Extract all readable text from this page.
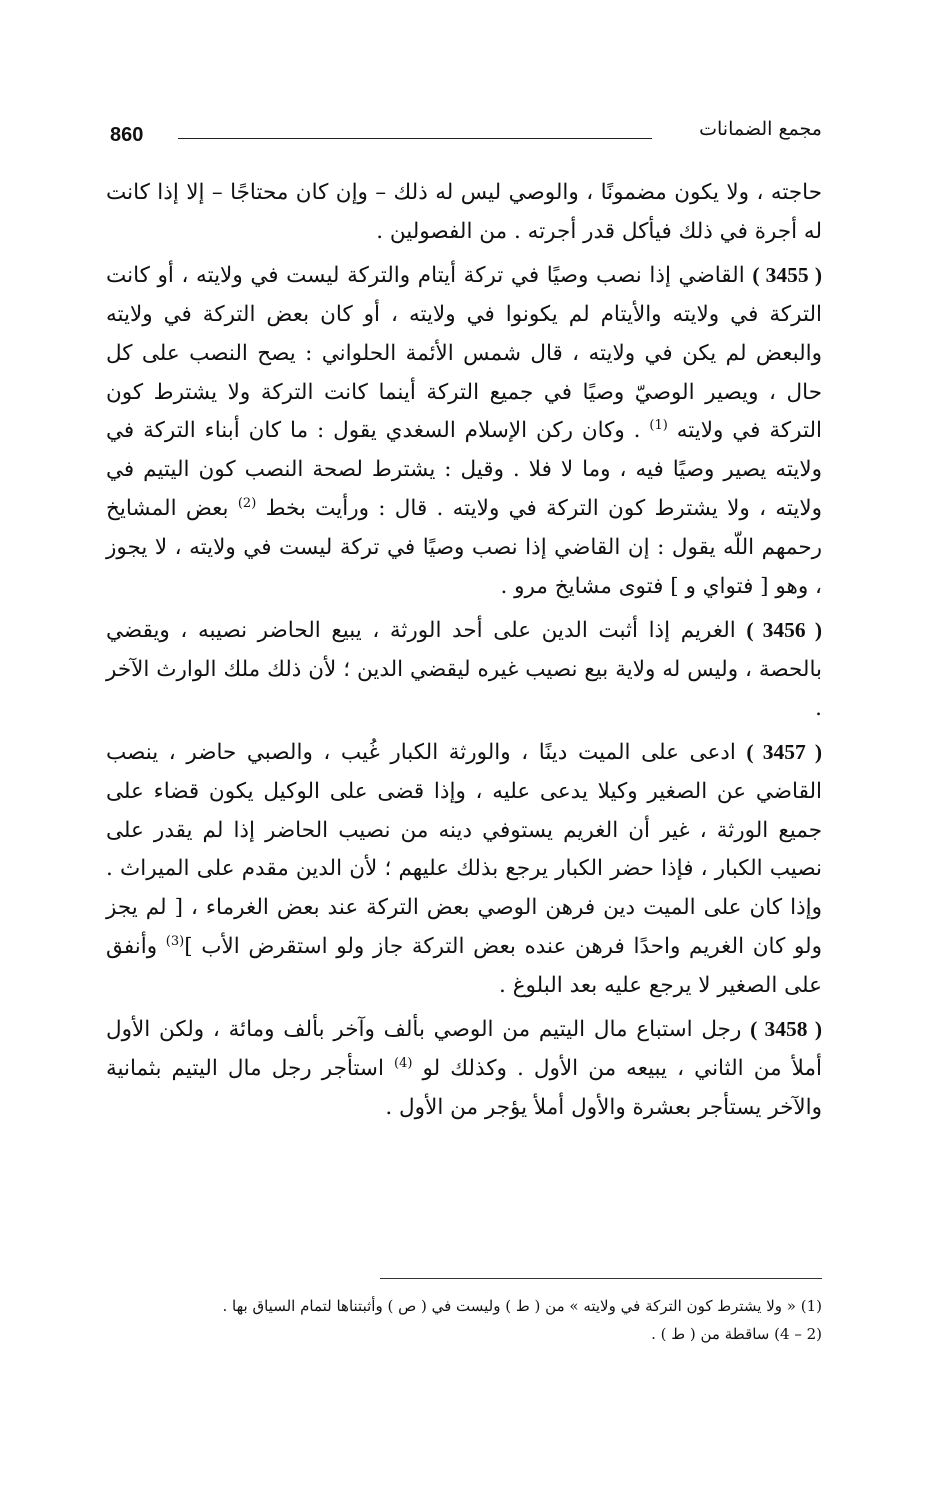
860	مجمع الضمانات

حاجته ، ولا يكون مضمونًا ، والوصي ليس له ذلك – وإن كان محتاجًا – إلا إذا كانت له أجرة في ذلك فيأكل قدر أجرته . من الفصولين .

( 3455 ) القاضي إذا نصب وصيًا في تركة أيتام والتركة ليست في ولايته ، أو كانت التركة في ولايته والأيتام لم يكونوا في ولايته ، أو كان بعض التركة في ولايته والبعض لم يكن في ولايته ، قال شمس الأئمة الحلواني : يصح النصب على كل حال ، ويصير الوصيّ وصيًا في جميع التركة أينما كانت التركة ولا يشترط كون التركة في ولايته $^{(1)}$ . وكان ركن الإسلام السغدي يقول : ما كان أبناء التركة في ولايته يصير وصيًا فيه ، وما لا فلا . وقيل : يشترط لصحة النصب كون اليتيم في ولايته ، ولا يشترط كون التركة في ولايته . قال : ورأيت بخط $^{(2)}$ بعض المشايخ رحمهم اللّه يقول : إن القاضي إذا نصب وصيًا في تركة ليست في ولايته ، لا يجوز ، وهو [ فتواي و ] فتوى مشايخ مرو .

( 3456 ) الغريم إذا أثبت الدين على أحد الورثة ، يبيع الحاضر نصيبه ، ويقضي بالحصة ، وليس له ولاية بيع نصيب غيره ليقضي الدين ؛ لأن ذلك ملك الوارث الآخر .

( 3457 ) ادعى على الميت دينًا ، والورثة الكبار غُيب ، والصبي حاضر ، ينصب القاضي عن الصغير وكيلا يدعى عليه ، وإذا قضى على الوكيل يكون قضاء على جميع الورثة ، غير أن الغريم يستوفي دينه من نصيب الحاضر إذا لم يقدر على نصيب الكبار ، فإذا حضر الكبار يرجع بذلك عليهم ؛ لأن الدين مقدم على الميراث . وإذا كان على الميت دين فرهن الوصي بعض التركة عند بعض الغرماء ، [ لم يجز ولو كان الغريم واحدًا فرهن عنده بعض التركة جاز ولو استقرض الأب ]$^{(3)}$ وأنفق على الصغير لا يرجع عليه بعد البلوغ .

( 3458 ) رجل استباع مال اليتيم من الوصي بألف وآخر بألف ومائة ، ولكن الأول أملأ من الثاني ، يبيعه من الأول . وكذلك لو $^{(4)}$ استأجر رجل مال اليتيم بثمانية والآخر يستأجر بعشرة والأول أملأ يؤجر من الأول .

(1) « ولا يشترط كون التركة في ولايته » من ( ط ) وليست في ( ص ) وأثبتناها لتمام السياق بها .

(2 – 4) ساقطة من ( ط ) .
